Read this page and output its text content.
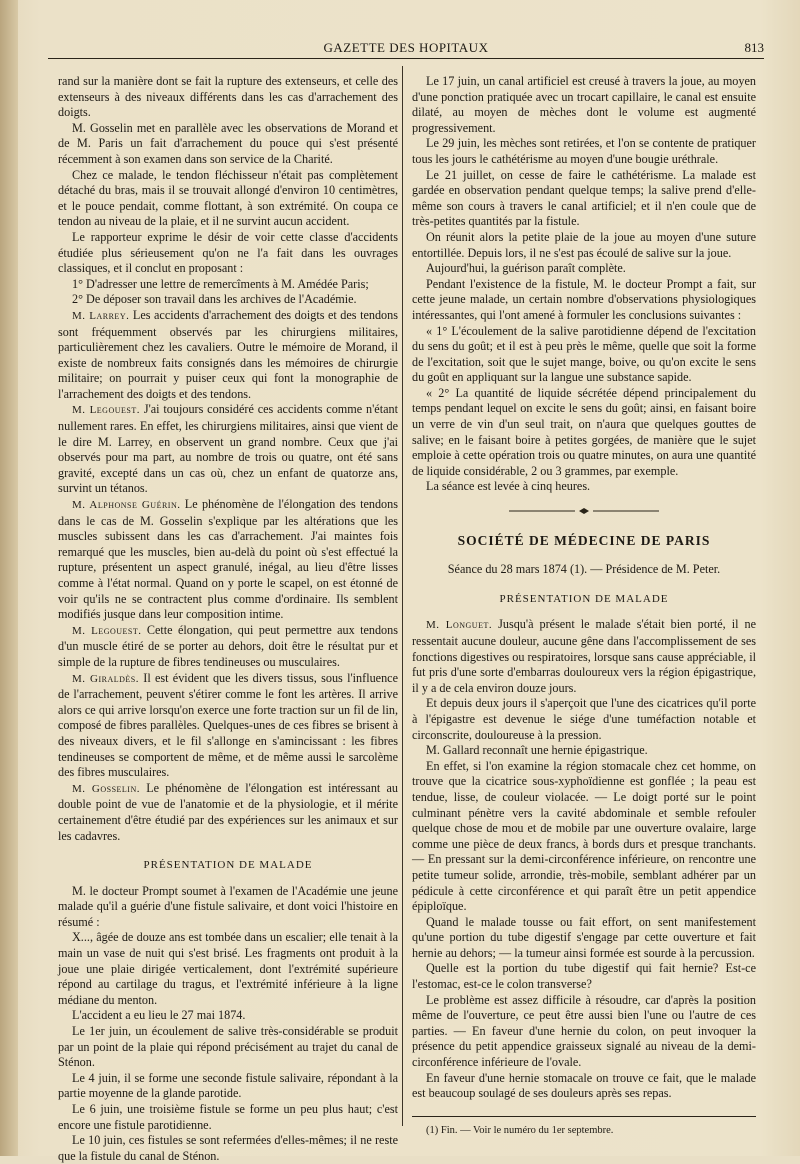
GAZETTE DES HOPITAUX	813

rand sur la manière dont se fait la rupture des extenseurs, et celle des extenseurs à des niveaux différents dans les cas d'arrachement des doigts.

M. Gosselin met en parallèle avec les observations de Morand et de M. Paris un fait d'arrachement du pouce qui s'est présenté récemment à son examen dans son service de la Charité.

Chez ce malade, le tendon fléchisseur n'était pas complètement détaché du bras, mais il se trouvait allongé d'environ 10 centimètres, et le pouce pendait, comme flottant, à son extrémité. On coupa ce tendon au niveau de la plaie, et il ne survint aucun accident.

Le rapporteur exprime le désir de voir cette classe d'accidents étudiée plus sérieusement qu'on ne l'a fait dans les ouvrages classiques, et il conclut en proposant :

1° D'adresser une lettre de remercîments à M. Amédée Paris;

2° De déposer son travail dans les archives de l'Académie.

M. Larrey. Les accidents d'arrachement des doigts et des tendons sont fréquemment observés par les chirurgiens militaires, particulièrement chez les cavaliers. Outre le mémoire de Morand, il existe de nombreux faits consignés dans les mémoires de chirurgie militaire; on pourrait y puiser ceux qui font la monographie de l'arrachement des doigts et des tendons.

M. Legouest. J'ai toujours considéré ces accidents comme n'étant nullement rares. En effet, les chirurgiens militaires, ainsi que vient de le dire M. Larrey, en observent un grand nombre. Ceux que j'ai observés pour ma part, au nombre de trois ou quatre, ont été sans gravité, excepté dans un cas où, chez un enfant de quatorze ans, survint un tétanos.

M. Alphonse Guérin. Le phénomène de l'élongation des tendons dans le cas de M. Gosselin s'explique par les altérations que les muscles subissent dans les cas d'arrachement. J'ai maintes fois remarqué que les muscles, bien au-delà du point où s'est effectué la rupture, présentent un aspect granulé, inégal, au lieu d'être lisses comme à l'état normal. Quand on y porte le scapel, on est étonné de voir qu'ils ne se contractent plus comme d'ordinaire. Ils semblent modifiés jusque dans leur composition intime.

M. Legouest. Cette élongation, qui peut permettre aux tendons d'un muscle étiré de se porter au dehors, doit être le résultat pur et simple de la rupture de fibres tendineuses ou musculaires.

M. Giraldès. Il est évident que les divers tissus, sous l'influence de l'arrachement, peuvent s'étirer comme le font les artères. Il arrive alors ce qui arrive lorsqu'on exerce une forte traction sur un fil de lin, composé de fibres parallèles. Quelques-unes de ces fibres se brisent à des niveaux divers, et le fil s'allonge en s'amincissant : les fibres tendineuses se comportent de même, et de même aussi le sarcolème des fibres musculaires.

M. Gosselin. Le phénomène de l'élongation est intéressant au double point de vue de l'anatomie et de la physiologie, et il mérite certainement d'être étudié par des expériences sur les animaux et sur les cadavres.

PRÉSENTATION DE MALADE

M. le docteur Prompt soumet à l'examen de l'Académie une jeune malade qu'il a guérie d'une fistule salivaire, et dont voici l'histoire en résumé :

X..., âgée de douze ans est tombée dans un escalier; elle tenait à la main un vase de nuit qui s'est brisé. Les fragments ont produit à la joue une plaie dirigée verticalement, dont l'extrémité supérieure répond au cartilage du tragus, et l'extrémité inférieure à la ligne médiane du menton.

L'accident a eu lieu le 27 mai 1874.

Le 1er juin, un écoulement de salive très-considérable se produit par un point de la plaie qui répond précisément au trajet du canal de Sténon.

Le 4 juin, il se forme une seconde fistule salivaire, répondant à la partie moyenne de la glande parotide.

Le 6 juin, une troisième fistule se forme un peu plus haut; c'est encore une fistule parotidienne.

Le 10 juin, ces fistules se sont refermées d'elles-mêmes; il ne reste que la fistule du canal de Sténon.

Le 17 juin, un canal artificiel est creusé à travers la joue, au moyen d'une ponction pratiquée avec un trocart capillaire, le canal est ensuite dilaté, au moyen de mèches dont le volume est augmenté progressivement.

Le 29 juin, les mèches sont retirées, et l'on se contente de pratiquer tous les jours le cathétérisme au moyen d'une bougie uréthrale.

Le 21 juillet, on cesse de faire le cathétérisme. La malade est gardée en observation pendant quelque temps; la salive prend d'elle-même son cours à travers le canal artificiel; et il n'en coule que de très-petites quantités par la fistule.

On réunit alors la petite plaie de la joue au moyen d'une suture entortillée. Depuis lors, il ne s'est pas écoulé de salive sur la joue.

Aujourd'hui, la guérison paraît complète.

Pendant l'existence de la fistule, M. le docteur Prompt a fait, sur cette jeune malade, un certain nombre d'observations physiologiques intéressantes, qui l'ont amené à formuler les conclusions suivantes :

« 1° L'écoulement de la salive parotidienne dépend de l'excitation du sens du goût; et il est à peu près le même, quelle que soit la forme de l'excitation, soit que le sujet mange, boive, ou qu'on excite le sens du goût en appliquant sur la langue une substance sapide.

« 2° La quantité de liquide sécrétée dépend principalement du temps pendant lequel on excite le sens du goût; ainsi, en faisant boire un verre de vin d'un seul trait, on n'aura que quelques gouttes de salive; en le faisant boire à petites gorgées, de manière que le sujet emploie à cette opération trois ou quatre minutes, on aura une quantité de liquide considérable, 2 ou 3 grammes, par exemple.

La séance est levée à cinq heures.

SOCIÉTÉ DE MÉDECINE DE PARIS
Séance du 28 mars 1874 (1). — Présidence de M. Peter.
PRÉSENTATION DE MALADE

M. Longuet. Jusqu'à présent le malade s'était bien porté, il ne ressentait aucune douleur, aucune gêne dans l'accomplissement de ses fonctions digestives ou respiratoires, lorsque sans cause appréciable, il fut pris d'une sorte d'embarras douloureux vers la région épigastrique, il y a de cela environ douze jours.

Et depuis deux jours il s'aperçoit que l'une des cicatrices qu'il porte à l'épigastre est devenue le siége d'une tuméfaction notable et circonscrite, douloureuse à la pression.

M. Gallard reconnaît une hernie épigastrique.

En effet, si l'on examine la région stomacale chez cet homme, on trouve que la cicatrice sous-xyphoïdienne est gonflée ; la peau est tendue, lisse, de couleur violacée. — Le doigt porté sur le point culminant pénètre vers la cavité abdominale et semble refouler quelque chose de mou et de mobile par une ouverture ovalaire, large comme une pièce de deux francs, à bords durs et presque tranchants. — En pressant sur la demi-circonférence inférieure, on rencontre une petite tumeur solide, arrondie, très-mobile, semblant adhérer par un pédicule à cette circonférence et qui paraît être un petit appendice épiploïque.

Quand le malade tousse ou fait effort, on sent manifestement qu'une portion du tube digestif s'engage par cette ouverture et fait hernie au dehors; — la tumeur ainsi formée est sourde à la percussion.

Quelle est la portion du tube digestif qui fait hernie? Est-ce l'estomac, est-ce le colon transverse?

Le problème est assez difficile à résoudre, car d'après la position même de l'ouverture, ce peut être aussi bien l'une ou l'autre de ces parties. — En faveur d'une hernie du colon, on peut invoquer la présence du petit appendice graisseux signalé au niveau de la demi-circonférence inférieure de l'ovale.

En faveur d'une hernie stomacale on trouve ce fait, que le malade est beaucoup soulagé de ses douleurs après ses repas.

(1) Fin. — Voir le numéro du 1er septembre.
